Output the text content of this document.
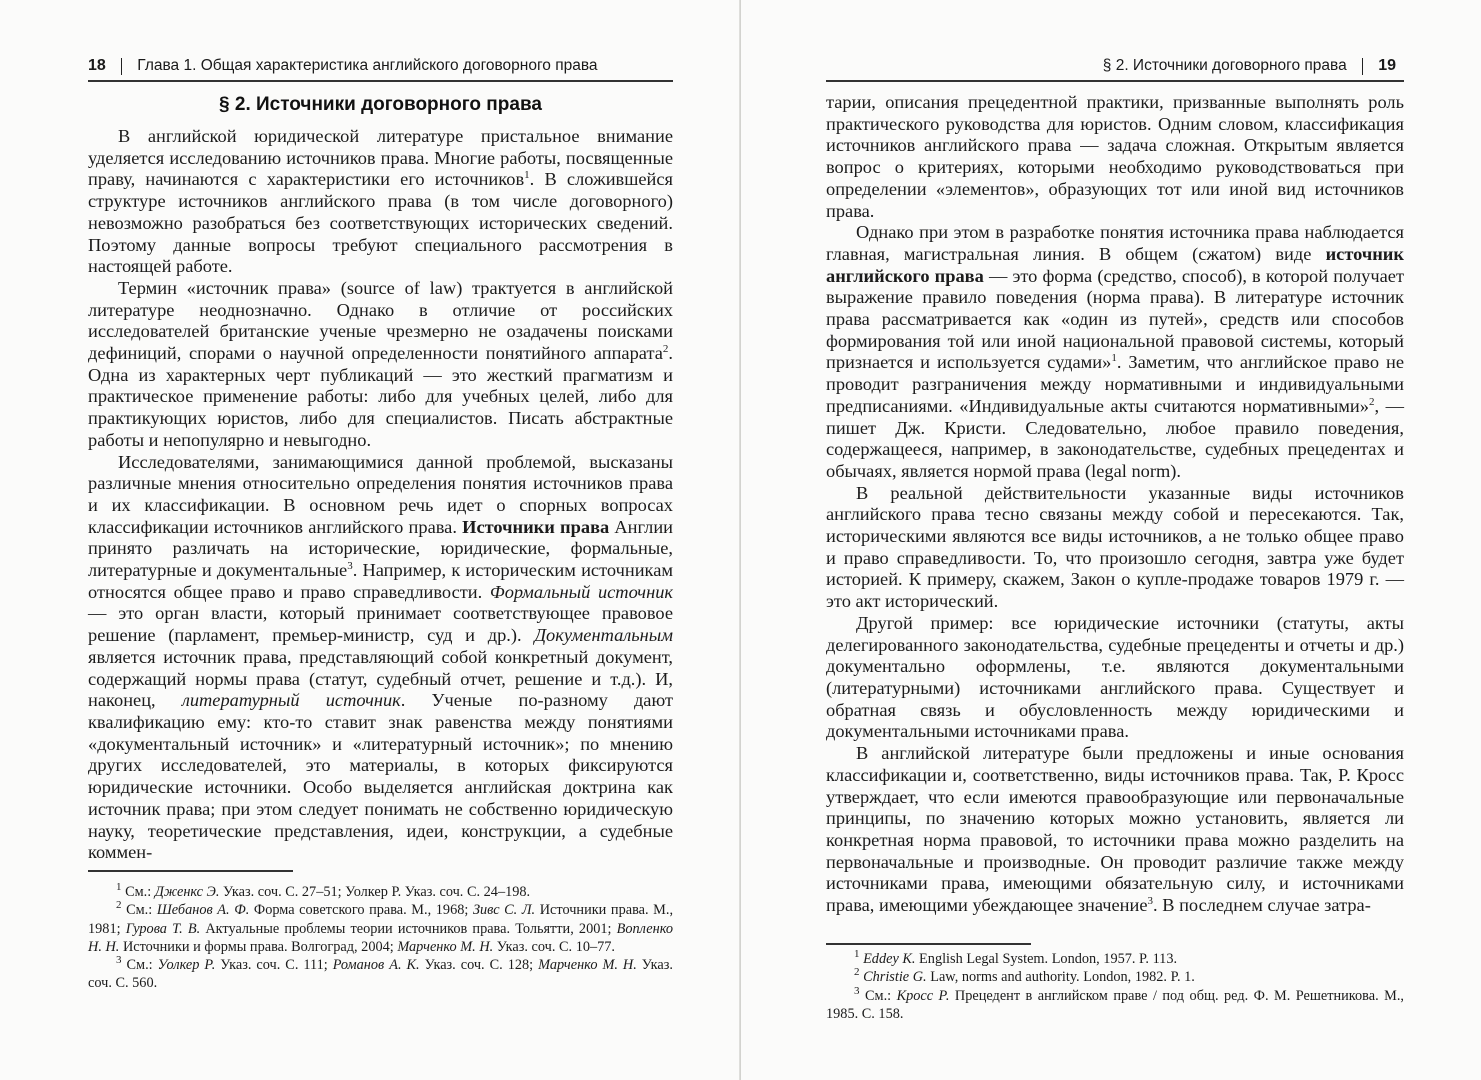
18 Глава 1. Общая характеристика английского договорного права
§ 2. Источники договорного права

В английской юридической литературе пристальное внимание уделяется исследованию источников права. Многие работы, посвященные праву, начинаются с характеристики его источников$^1$. В сложившейся структуре источников английского права (в том числе договорного) невозможно разобраться без соответствующих исторических сведений. Поэтому данные вопросы требуют специального рассмотрения в настоящей работе.

Термин «источник права» (source of law) трактуется в английской литературе неоднозначно. Однако в отличие от российских исследователей британские ученые чрезмерно не озадачены поисками дефиниций, спорами о научной определенности понятийного аппарата$^2$. Одна из характерных черт публикаций — это жесткий прагматизм и практическое применение работы: либо для учебных целей, либо для практикующих юристов, либо для специалистов. Писать абстрактные работы и непопулярно и невыгодно.

Исследователями, занимающимися данной проблемой, высказаны различные мнения относительно определения понятия источников права и их классификации. В основном речь идет о спорных вопросах классификации источников английского права. Источники права Англии принято различать на исторические, юридические, формальные, литературные и документальные$^3$. Например, к историческим источникам относятся общее право и право справедливости. Формальный источник — это орган власти, который принимает соответствующее правовое решение (парламент, премьер-министр, суд и др.). Документальным является источник права, представляющий собой конкретный документ, содержащий нормы права (статут, судебный отчет, решение и т.д.). И, наконец, литературный источник. Ученые по-разному дают квалификацию ему: кто-то ставит знак равенства между понятиями «документальный источник» и «литературный источник»; по мнению других исследователей, это материалы, в которых фиксируются юридические источники. Особо выделяется английская доктрина как источник права; при этом следует понимать не собственно юридическую науку, теоретические представления, идеи, конструкции, а судебные коммен-

$^1$ См.: Дженкс Э. Указ. соч. С. 27–51; Уолкер Р. Указ. соч. С. 24–198.

$^2$ См.: Шебанов А. Ф. Форма советского права. М., 1968; Зивс С. Л. Источники права. М., 1981; Гурова Т. В. Актуальные проблемы теории источников права. Тольятти, 2001; Вопленко Н. Н. Источники и формы права. Волгоград, 2004; Марченко М. Н. Указ. соч. С. 10–77.

$^3$ См.: Уолкер Р. Указ. соч. С. 111; Романов А. К. Указ. соч. С. 128; Марченко М. Н. Указ. соч. С. 560.

§ 2. Источники договорного права 19

тарии, описания прецедентной практики, призванные выполнять роль практического руководства для юристов. Одним словом, классификация источников английского права — задача сложная. Открытым является вопрос о критериях, которыми необходимо руководствоваться при определении «элементов», образующих тот или иной вид источников права.

Однако при этом в разработке понятия источника права наблюдается главная, магистральная линия. В общем (сжатом) виде источник английского права — это форма (средство, способ), в которой получает выражение правило поведения (норма права). В литературе источник права рассматривается как «один из путей», средств или способов формирования той или иной национальной правовой системы, который признается и используется судами»$^1$. Заметим, что английское право не проводит разграничения между нормативными и индивидуальными предписаниями. «Индивидуальные акты считаются нормативными»$^2$, — пишет Дж. Кристи. Следовательно, любое правило поведения, содержащееся, например, в законодательстве, судебных прецедентах и обычаях, является нормой права (legal norm).

В реальной действительности указанные виды источников английского права тесно связаны между собой и пересекаются. Так, историческими являются все виды источников, а не только общее право и право справедливости. То, что произошло сегодня, завтра уже будет историей. К примеру, скажем, Закон о купле-продаже товаров 1979 г. — это акт исторический.

Другой пример: все юридические источники (статуты, акты делегированного законодательства, судебные прецеденты и отчеты и др.) документально оформлены, т.е. являются документальными (литературными) источниками английского права. Существует и обратная связь и обусловленность между юридическими и документальными источниками права.

В английской литературе были предложены и иные основания классификации и, соответственно, виды источников права. Так, Р. Кросс утверждает, что если имеются правообразующие или первоначальные принципы, по значению которых можно установить, является ли конкретная норма правовой, то источники права можно разделить на первоначальные и производные. Он проводит различие также между источниками права, имеющими обязательную силу, и источниками права, имеющими убеждающее значение$^3$. В последнем случае затра-

$^1$ Eddey K. English Legal System. London, 1957. P. 113.

$^2$ Christie G. Law, norms and authority. London, 1982. P. 1.

$^3$ См.: Кросс Р. Прецедент в английском праве / под общ. ред. Ф. М. Решетникова. М., 1985. С. 158.
